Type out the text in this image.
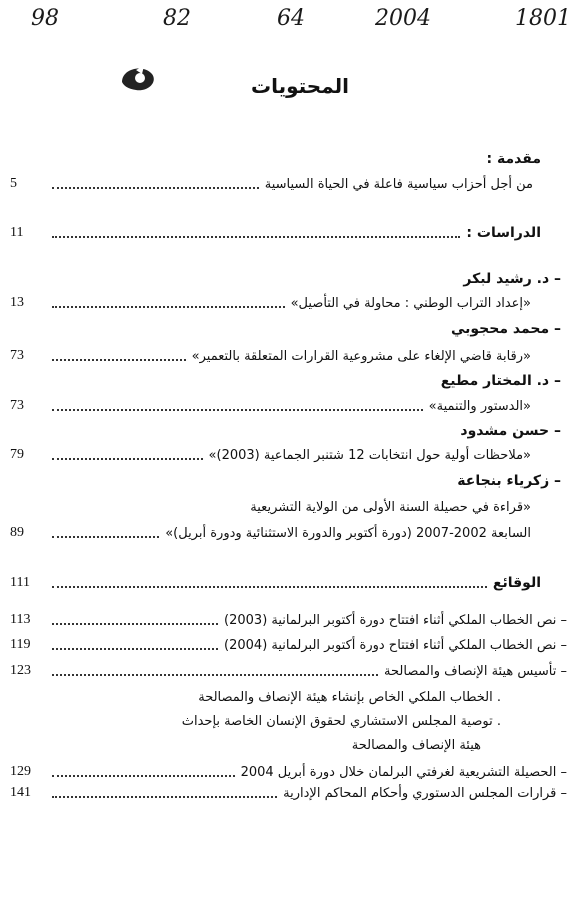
1801
2004
64
82
98
المحتويات
مقدمة :
من أجل أحزاب سياسية فاعلة في الحياة السياسية
5
الدراسات :
11
– د. رشيد لبكر
«إعداد التراب الوطني : محاولة في التأصيل»
13
– محمد محجوبي
«رقابة قاضي الإلغاء على مشروعية القرارات المتعلقة بالتعمير»
73
– د. المختار مطيع
«الدستور والتنمية»
73
– حسن مشدود
«ملاحظات أولية حول انتخابات 12 شتنبر الجماعية (2003)»
79
– زكرياء بنجاعة
«قراءة في حصيلة السنة الأولى من الولاية التشريعية
السابعة 2002-2007 (دورة أكتوبر والدورة الاستثنائية ودورة أبريل)»
89
الوقائع
111
– نص الخطاب الملكي أثناء افتتاح دورة أكتوبر البرلمانية (2003)
113
– نص الخطاب الملكي أثناء افتتاح دورة أكتوبر البرلمانية (2004)
119
– تأسيس هيئة الإنصاف والمصالحة
123
. الخطاب الملكي الخاص بإنشاء هيئة الإنصاف والمصالحة
. توصية المجلس الاستشاري لحقوق الإنسان الخاصة بإحداث
هيئة الإنصاف والمصالحة
– الحصيلة التشريعية لغرفتي البرلمان خلال دورة أبريل 2004
129
– قرارات المجلس الدستوري وأحكام المحاكم الإدارية
141
